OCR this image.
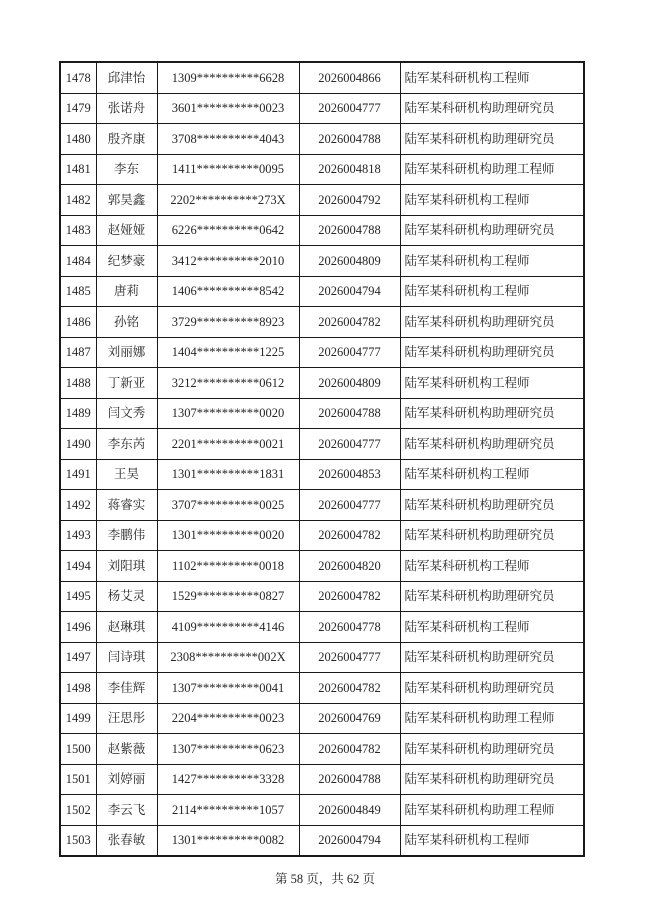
1478	邱津怡	1309**********6628	2026004866	陆军某科研机构工程师
1479	张诺舟	3601**********0023	2026004777	陆军某科研机构助理研究员
1480	殷齐康	3708**********4043	2026004788	陆军某科研机构助理研究员
1481	李东	1411**********0095	2026004818	陆军某科研机构助理工程师
1482	郭昊鑫	2202**********273X	2026004792	陆军某科研机构工程师
1483	赵娅娅	6226**********0642	2026004788	陆军某科研机构助理研究员
1484	纪梦豪	3412**********2010	2026004809	陆军某科研机构工程师
1485	唐莉	1406**********8542	2026004794	陆军某科研机构工程师
1486	孙铭	3729**********8923	2026004782	陆军某科研机构助理研究员
1487	刘丽娜	1404**********1225	2026004777	陆军某科研机构助理研究员
1488	丁新亚	3212**********0612	2026004809	陆军某科研机构工程师
1489	闫文秀	1307**********0020	2026004788	陆军某科研机构助理研究员
1490	李东芮	2201**********0021	2026004777	陆军某科研机构助理研究员
1491	王昊	1301**********1831	2026004853	陆军某科研机构工程师
1492	蒋睿实	3707**********0025	2026004777	陆军某科研机构助理研究员
1493	李鹏伟	1301**********0020	2026004782	陆军某科研机构助理研究员
1494	刘阳琪	1102**********0018	2026004820	陆军某科研机构工程师
1495	杨艾灵	1529**********0827	2026004782	陆军某科研机构助理研究员
1496	赵琳琪	4109**********4146	2026004778	陆军某科研机构工程师
1497	闫诗琪	2308**********002X	2026004777	陆军某科研机构助理研究员
1498	李佳辉	1307**********0041	2026004782	陆军某科研机构助理研究员
1499	汪思彤	2204**********0023	2026004769	陆军某科研机构助理工程师
1500	赵紫薇	1307**********0623	2026004782	陆军某科研机构助理研究员
1501	刘婷丽	1427**********3328	2026004788	陆军某科研机构助理研究员
1502	李云飞	2114**********1057	2026004849	陆军某科研机构助理工程师
1503	张春敏	1301**********0082	2026004794	陆军某科研机构工程师
第 58 页，共 62 页
